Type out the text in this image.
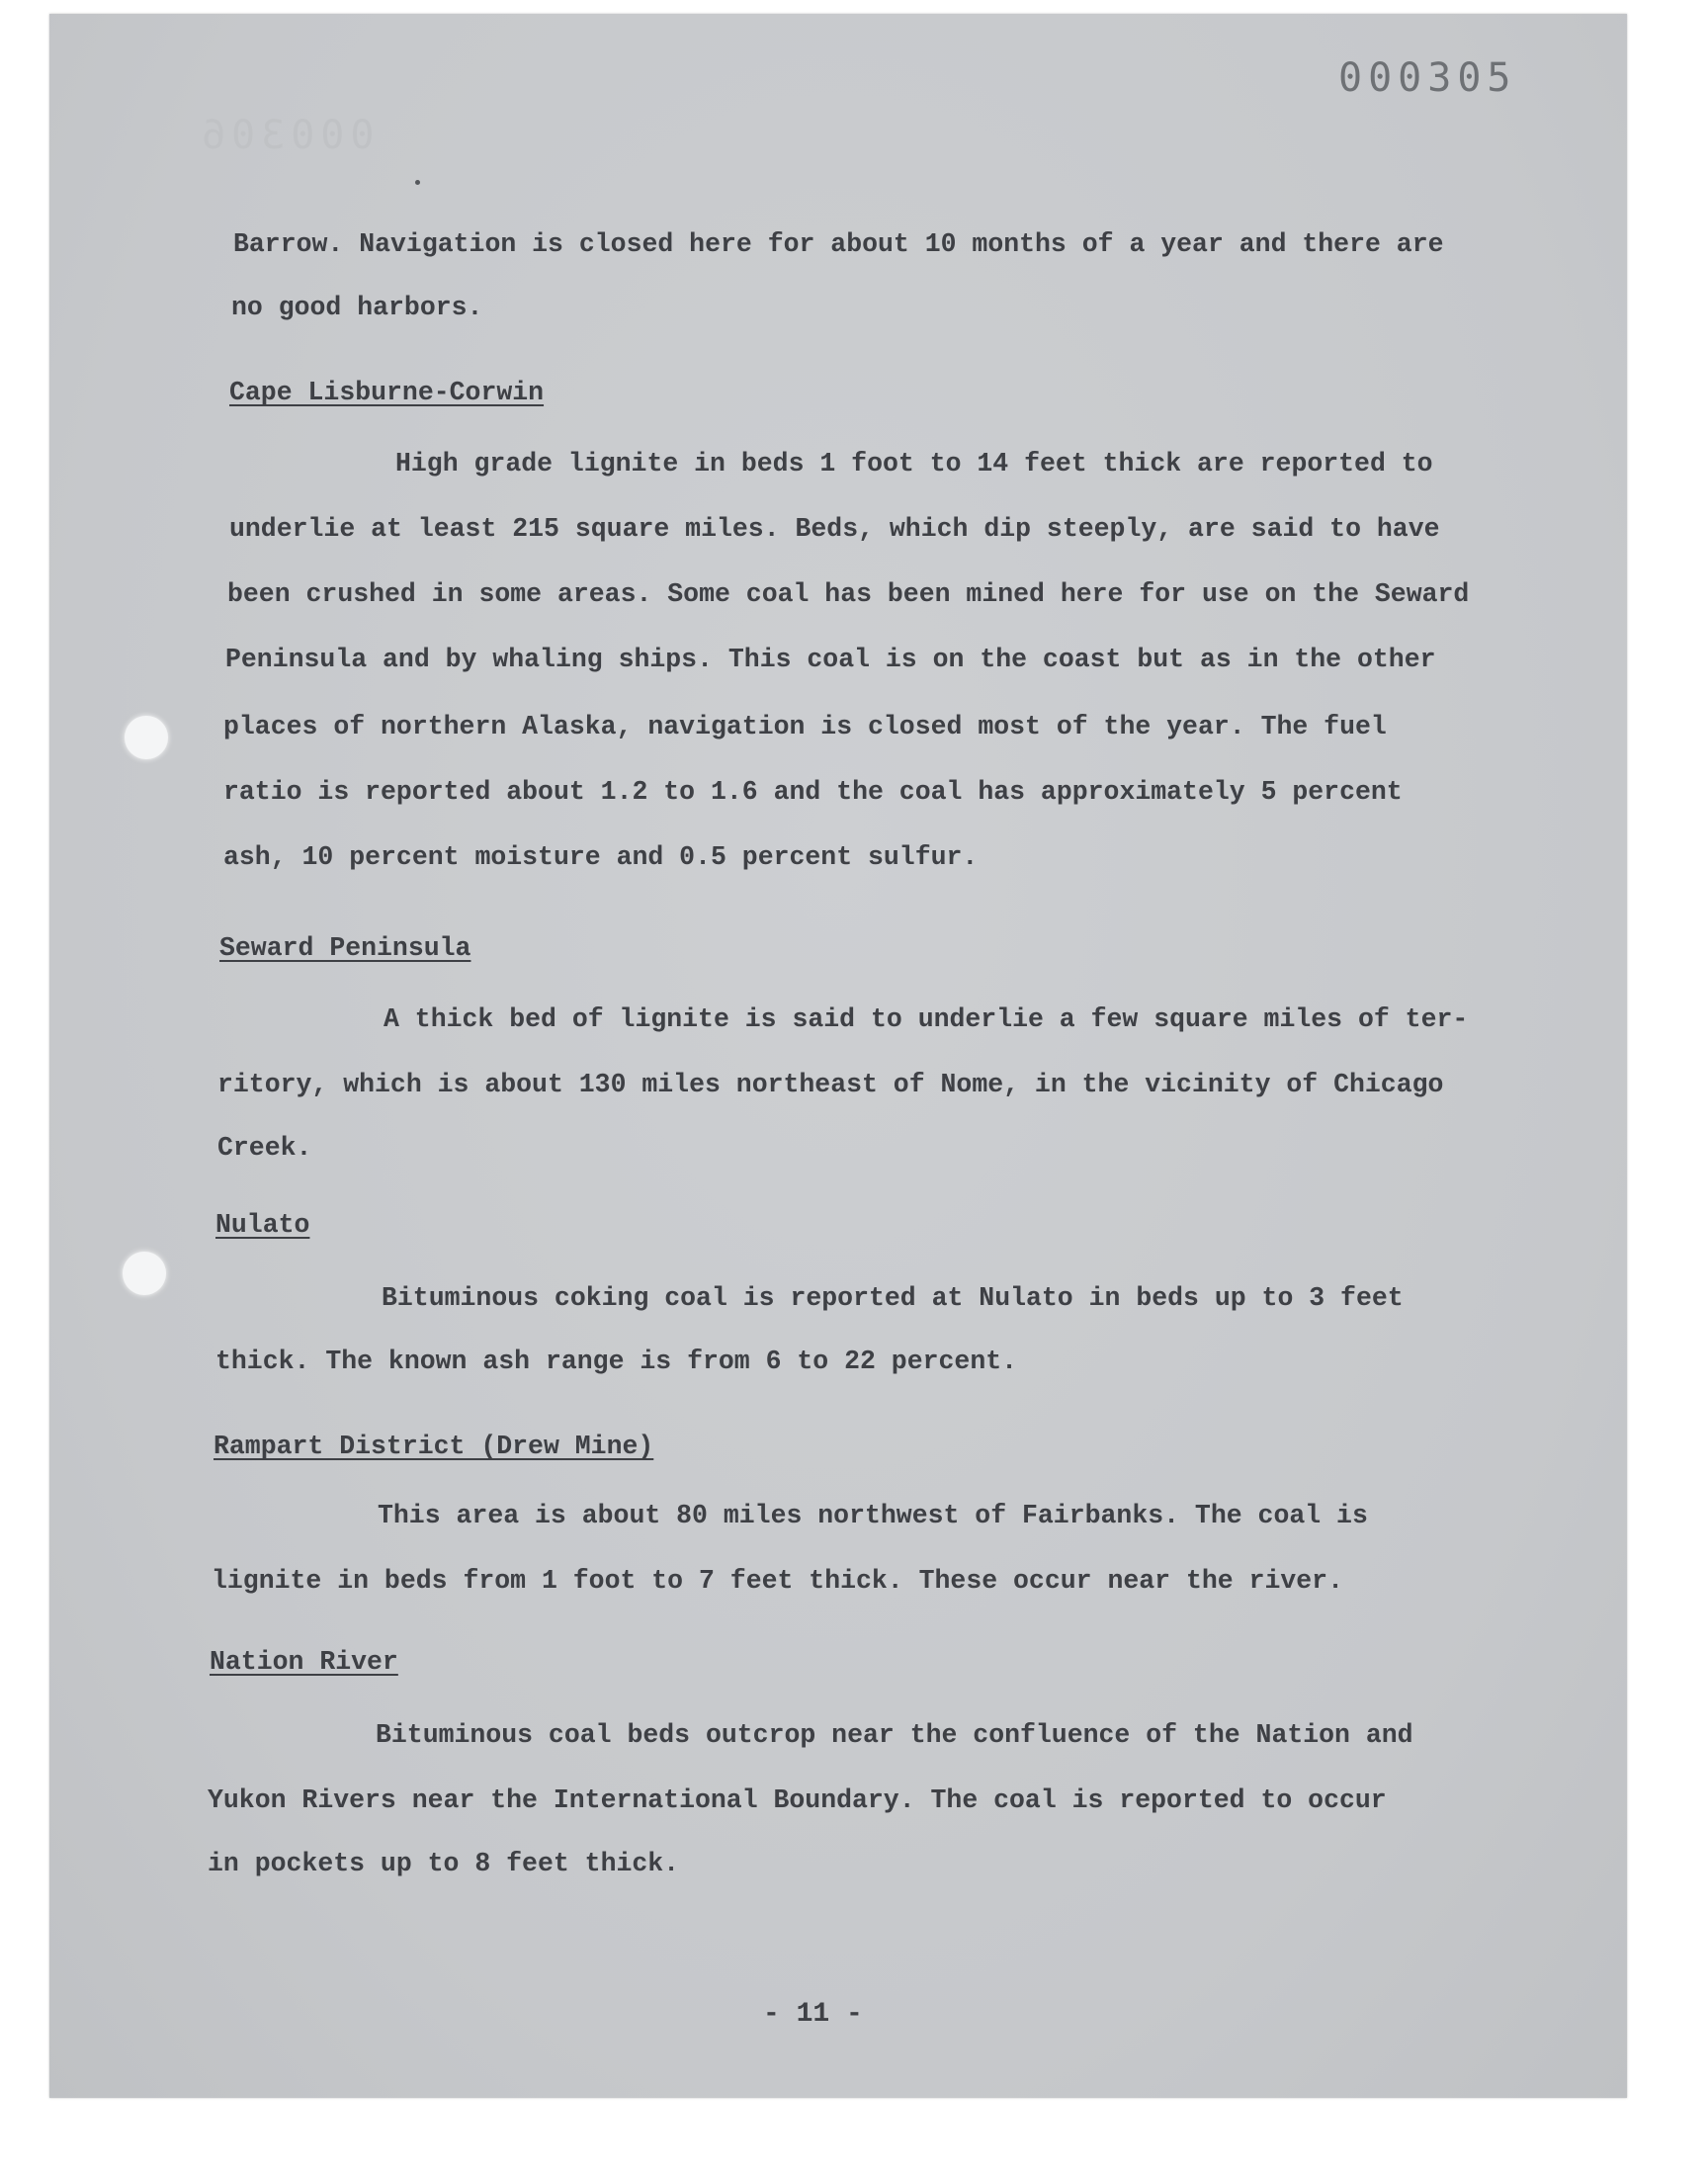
000306
000305
Barrow. Navigation is closed here for about 10 months of a year and there are
no good harbors.
Cape Lisburne-Corwin
High grade lignite in beds 1 foot to 14 feet thick are reported to
underlie at least 215 square miles. Beds, which dip steeply, are said to have
been crushed in some areas. Some coal has been mined here for use on the Seward
Peninsula and by whaling ships. This coal is on the coast but as in the other
places of northern Alaska, navigation is closed most of the year. The fuel
ratio is reported about 1.2 to 1.6 and the coal has approximately 5 percent
ash, 10 percent moisture and 0.5 percent sulfur.
Seward Peninsula
A thick bed of lignite is said to underlie a few square miles of ter-
ritory, which is about 130 miles northeast of Nome, in the vicinity of Chicago
Creek.
Nulato
Bituminous coking coal is reported at Nulato in beds up to 3 feet
thick. The known ash range is from 6 to 22 percent.
Rampart District (Drew Mine)
This area is about 80 miles northwest of Fairbanks. The coal is
lignite in beds from 1 foot to 7 feet thick. These occur near the river.
Nation River
Bituminous coal beds outcrop near the confluence of the Nation and
Yukon Rivers near the International Boundary. The coal is reported to occur
in pockets up to 8 feet thick.
- 11 -
